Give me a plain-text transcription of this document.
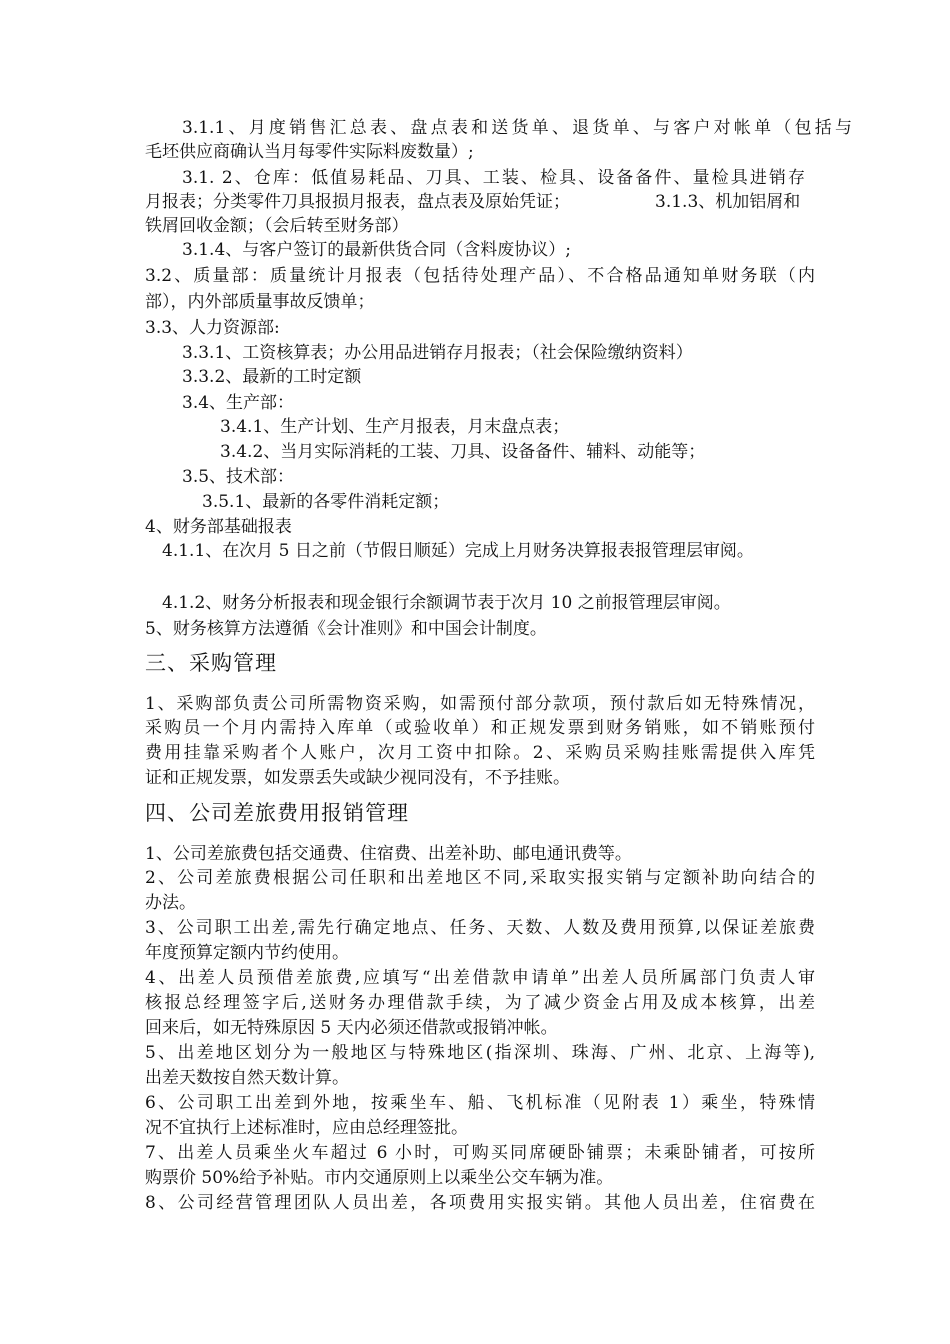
3.1.1、月度销售汇总表、盘点表和送货单、退货单、与客户对帐单（包括与
毛坯供应商确认当月每零件实际料废数量）;
3.1. 2、仓库：低值易耗品、刀具、工装、检具、设备备件、量检具进销存
月报表；分类零件刀具报损月报表，盘点表及原始凭证；	3.1.3、机加铝屑和
铁屑回收金额；（会后转至财务部）
3.1.4、与客户签订的最新供货合同（含料废协议）;
3.2、质量部：质量统计月报表（包括待处理产品）、不合格品通知单财务联（内
部），内外部质量事故反馈单；
3.3、人力资源部:
3.3.1、工资核算表；办公用品进销存月报表；（社会保险缴纳资料）
3.3.2、最新的工时定额
3.4、生产部：
3.4.1、生产计划、生产月报表，月末盘点表；
3.4.2、当月实际消耗的工装、刀具、设备备件、辅料、动能等；
3.5、技术部：
3.5.1、最新的各零件消耗定额；
4、财务部基础报表
4.1.1、在次月 5 日之前（节假日顺延）完成上月财务决算报表报管理层审阅。
4.1.2、财务分析报表和现金银行余额调节表于次月 10 之前报管理层审阅。
5、财务核算方法遵循《会计准则》和中国会计制度。
三、采购管理
1、采购部负责公司所需物资采购，如需预付部分款项，预付款后如无特殊情况，
采购员一个月内需持入库单（或验收单）和正规发票到财务销账，如不销账预付
费用挂靠采购者个人账户，次月工资中扣除。2、采购员采购挂账需提供入库凭
证和正规发票，如发票丢失或缺少视同没有，不予挂账。
四、公司差旅费用报销管理
1、公司差旅费包括交通费、住宿费、出差补助、邮电通讯费等。
2、公司差旅费根据公司任职和出差地区不同,采取实报实销与定额补助向结合的
办法。
3、公司职工出差,需先行确定地点、任务、天数、人数及费用预算,以保证差旅费
年度预算定额内节约使用。
4、出差人员预借差旅费,应填写“出差借款申请单”出差人员所属部门负责人审
核报总经理签字后,送财务办理借款手续，为了减少资金占用及成本核算，出差
回来后，如无特殊原因 5 天内必须还借款或报销冲帐。
5、出差地区划分为一般地区与特殊地区(指深圳、珠海、广州、北京、上海等),
出差天数按自然天数计算。
6、公司职工出差到外地，按乘坐车、船、飞机标准（见附表 1）乘坐，特殊情
况不宜执行上述标准时，应由总经理签批。
7、出差人员乘坐火车超过 6 小时，可购买同席硬卧铺票；未乘卧铺者，可按所
购票价 50%给予补贴。市内交通原则上以乘坐公交车辆为准。
8、公司经营管理团队人员出差，各项费用实报实销。其他人员出差，住宿费在
